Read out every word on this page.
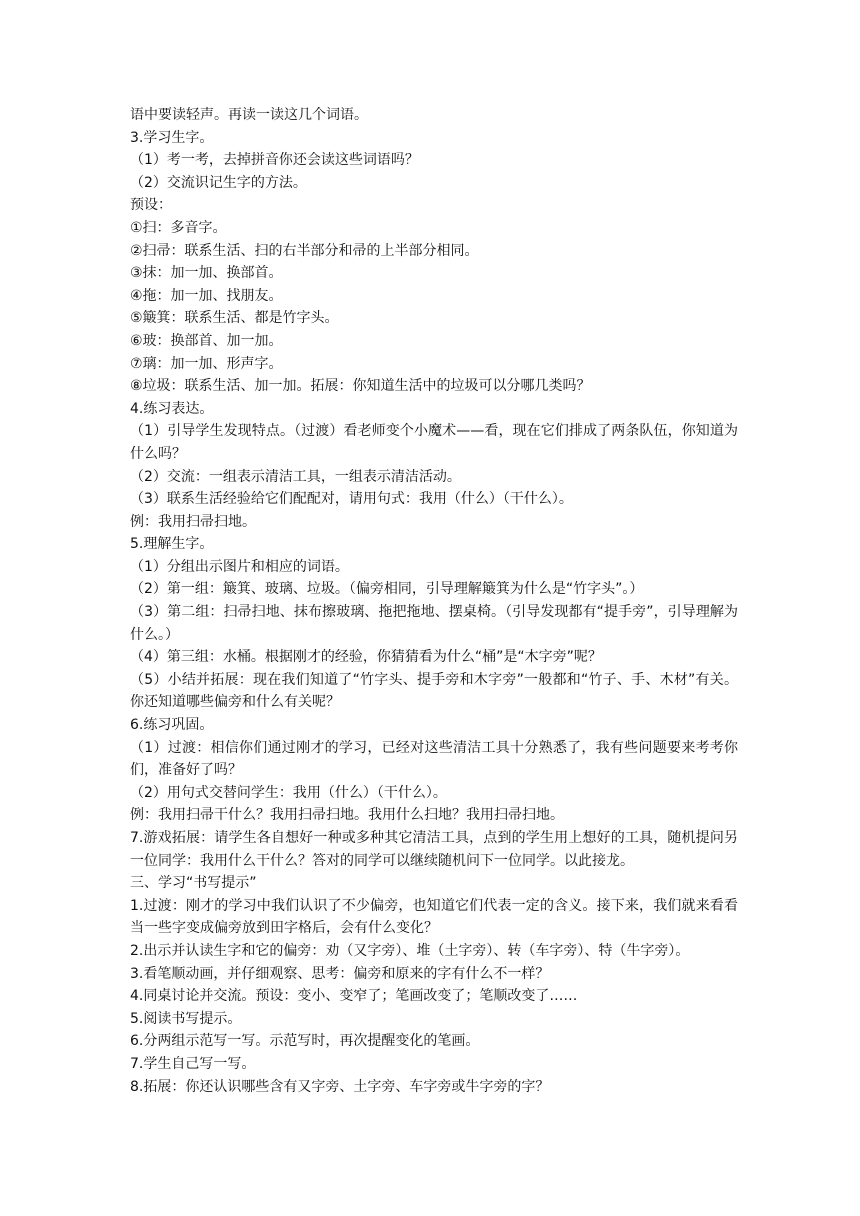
语中要读轻声。再读一读这几个词语。

3.学习生字。

（1）考一考，去掉拼音你还会读这些词语吗？

（2）交流识记生字的方法。

预设：

①扫：多音字。

②扫帚：联系生活、扫的右半部分和帚的上半部分相同。

③抹：加一加、换部首。

④拖：加一加、找朋友。

⑤簸箕：联系生活、都是竹字头。

⑥玻：换部首、加一加。

⑦璃：加一加、形声字。

⑧垃圾：联系生活、加一加。拓展：你知道生活中的垃圾可以分哪几类吗？

4.练习表达。

（1）引导学生发现特点。（过渡）看老师变个小魔术——看，现在它们排成了两条队伍，你知道为什么吗？

（2）交流：一组表示清洁工具，一组表示清洁活动。

（3）联系生活经验给它们配配对，请用句式：我用（什么）（干什么）。

例：我用扫帚扫地。

5.理解生字。

（1）分组出示图片和相应的词语。

（2）第一组：簸箕、玻璃、垃圾。（偏旁相同，引导理解簸箕为什么是“竹字头”。）

（3）第二组：扫帚扫地、抹布擦玻璃、拖把拖地、摆桌椅。（引导发现都有“提手旁”，引导理解为什么。）

（4）第三组：水桶。根据刚才的经验，你猜猜看为什么“桶”是“木字旁”呢？

（5）小结并拓展：现在我们知道了“竹字头、提手旁和木字旁”一般都和“竹子、手、木材”有关。你还知道哪些偏旁和什么有关呢？

6.练习巩固。

（1）过渡：相信你们通过刚才的学习，已经对这些清洁工具十分熟悉了，我有些问题要来考考你们，准备好了吗？

（2）用句式交替问学生：我用（什么）（干什么）。

例：我用扫帚干什么？我用扫帚扫地。我用什么扫地？我用扫帚扫地。

7.游戏拓展：请学生各自想好一种或多种其它清洁工具，点到的学生用上想好的工具，随机提问另一位同学：我用什么干什么？答对的同学可以继续随机问下一位同学。以此接龙。

三、学习“书写提示”

1.过渡：刚才的学习中我们认识了不少偏旁，也知道它们代表一定的含义。接下来，我们就来看看当一些字变成偏旁放到田字格后，会有什么变化？

2.出示并认读生字和它的偏旁：劝（又字旁）、堆（土字旁）、转（车字旁）、特（牛字旁）。

3.看笔顺动画，并仔细观察、思考：偏旁和原来的字有什么不一样？

4.同桌讨论并交流。预设：变小、变窄了；笔画改变了；笔顺改变了……

5.阅读书写提示。

6.分两组示范写一写。示范写时，再次提醒变化的笔画。

7.学生自己写一写。

8.拓展：你还认识哪些含有又字旁、土字旁、车字旁或牛字旁的字？
